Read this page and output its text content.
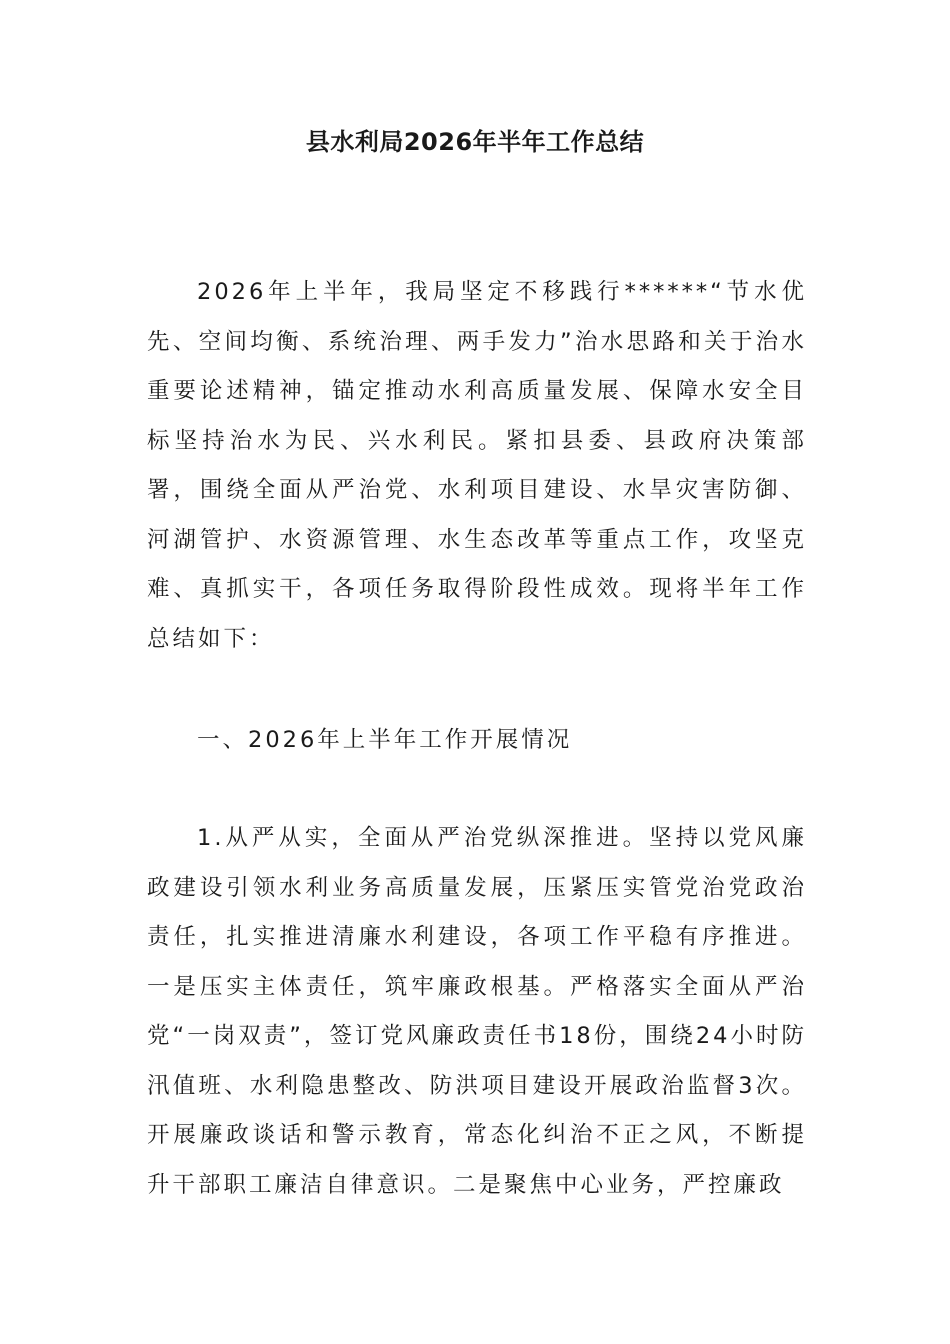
县水利局2026年半年工作总结

2026年上半年，我局坚定不移践行******“节水优先、空间均衡、系统治理、两手发力”治水思路和关于治水重要论述精神，锚定推动水利高质量发展、保障水安全目标坚持治水为民、兴水利民。紧扣县委、县政府决策部署，围绕全面从严治党、水利项目建设、水旱灾害防御、河湖管护、水资源管理、水生态改革等重点工作，攻坚克难、真抓实干，各项任务取得阶段性成效。现将半年工作总结如下：

一、2026年上半年工作开展情况

1.从严从实，全面从严治党纵深推进。坚持以党风廉政建设引领水利业务高质量发展，压紧压实管党治党政治责任，扎实推进清廉水利建设，各项工作平稳有序推进。一是压实主体责任，筑牢廉政根基。严格落实全面从严治党“一岗双责”，签订党风廉政责任书18份，围绕24小时防汛值班、水利隐患整改、防洪项目建设开展政治监督3次。开展廉政谈话和警示教育，常态化纠治不正之风，不断提升干部职工廉洁自律意识。二是聚焦中心业务，严控廉政
